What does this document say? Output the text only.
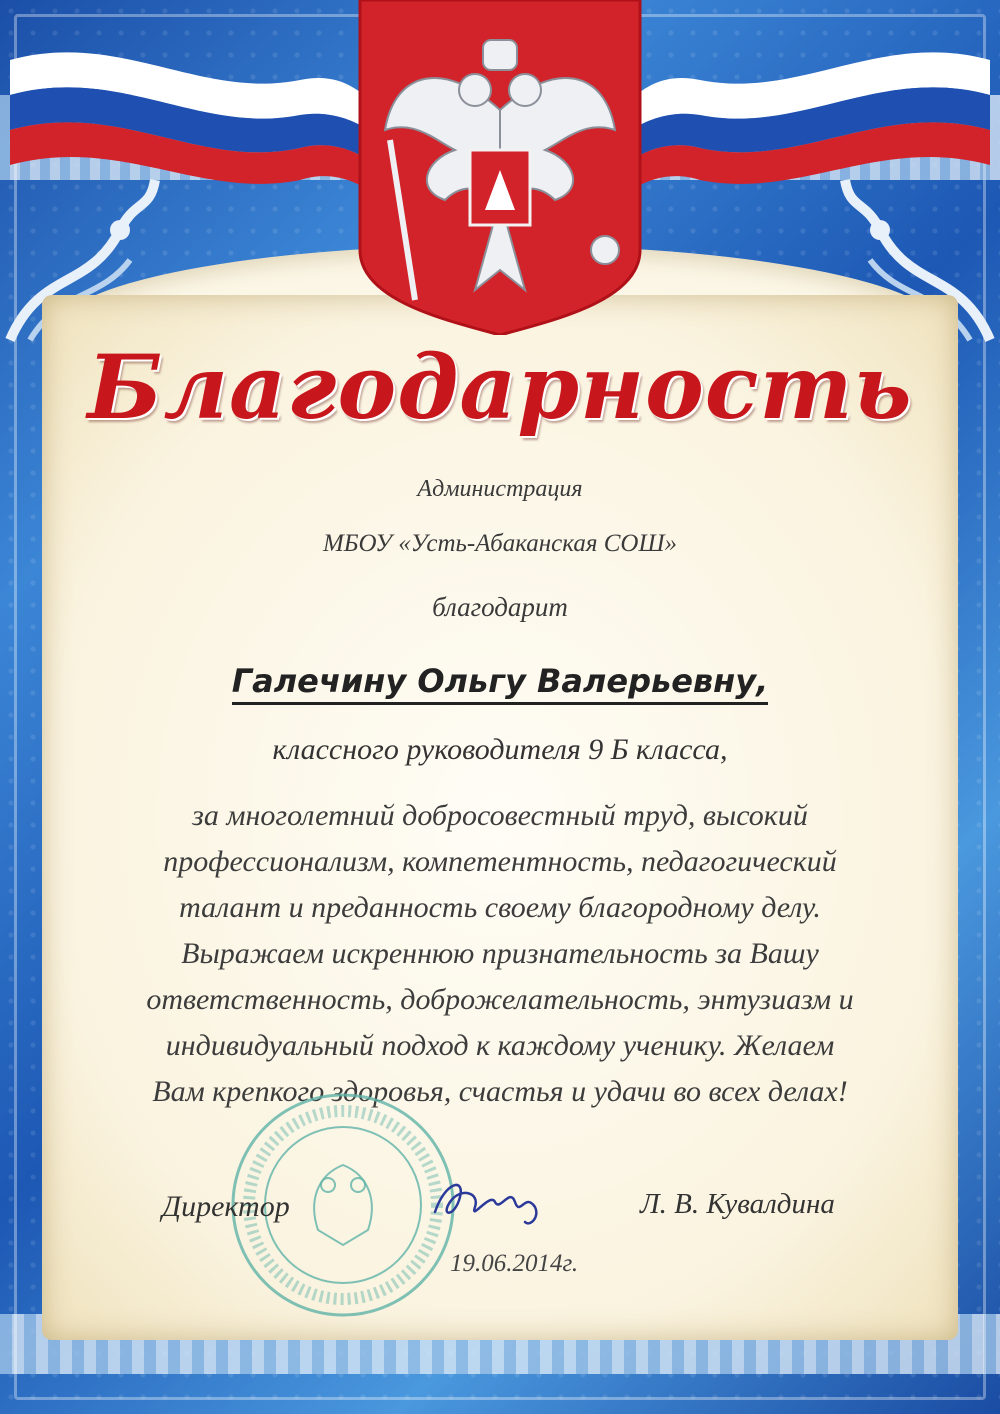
Благодарность
Администрация
МБОУ «Усть-Абаканская СОШ»
благодарит
Галечину Ольгу Валерьевну,
классного руководителя 9 Б класса,
за многолетний добросовестный труд, высокий
профессионализм, компетентность, педагогический
талант и преданность своему благородному делу.
Выражаем искреннюю признательность за Вашу
ответственность, доброжелательность, энтузиазм и
индивидуальный подход к каждому ученику. Желаем
Вам крепкого здоровья, счастья и удачи во всех делах!
Директор	Л. В. Кувалдина
19.06.2014г.
